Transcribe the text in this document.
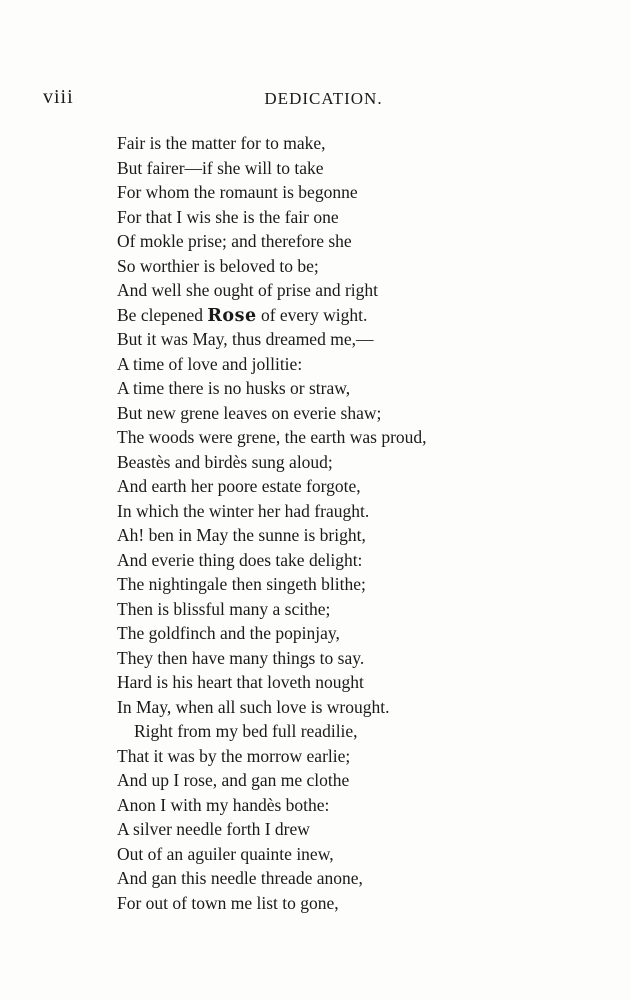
viii	DEDICATION.
Fair is the matter for to make,
But fairer—if she will to take
For whom the romaunt is begonne
For that I wis she is the fair one
Of mokle prise; and therefore she
So worthier is beloved to be;
And well she ought of prise and right
Be clepened Rose of every wight.
But it was May, thus dreamed me,—
A time of love and jollitie:
A time there is no husks or straw,
But new grene leaves on everie shaw;
The woods were grene, the earth was proud,
Beastès and birdès sung aloud;
And earth her poore estate forgote,
In which the winter her had fraught.
Ah! ben in May the sunne is bright,
And everie thing does take delight:
The nightingale then singeth blithe;
Then is blissful many a scithe;
The goldfinch and the popinjay,
They then have many things to say.
Hard is his heart that loveth nought
In May, when all such love is wrought.
Right from my bed full readilie,
That it was by the morrow earlie;
And up I rose, and gan me clothe
Anon I with my handès bothe:
A silver needle forth I drew
Out of an aguiler quainte inew,
And gan this needle threade anone,
For out of town me list to gone,
